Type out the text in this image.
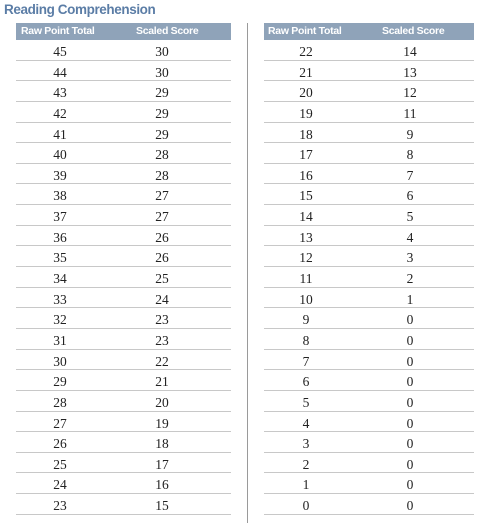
Reading Comprehension
Raw Point Total	Scaled Score
45	30
44	30
43	29
42	29
41	29
40	28
39	28
38	27
37	27
36	26
35	26
34	25
33	24
32	23
31	23
30	22
29	21
28	20
27	19
26	18
25	17
24	16
23	15
Raw Point Total	Scaled Score
22	14
21	13
20	12
19	11
18	9
17	8
16	7
15	6
14	5
13	4
12	3
11	2
10	1
9	0
8	0
7	0
6	0
5	0
4	0
3	0
2	0
1	0
0	0
